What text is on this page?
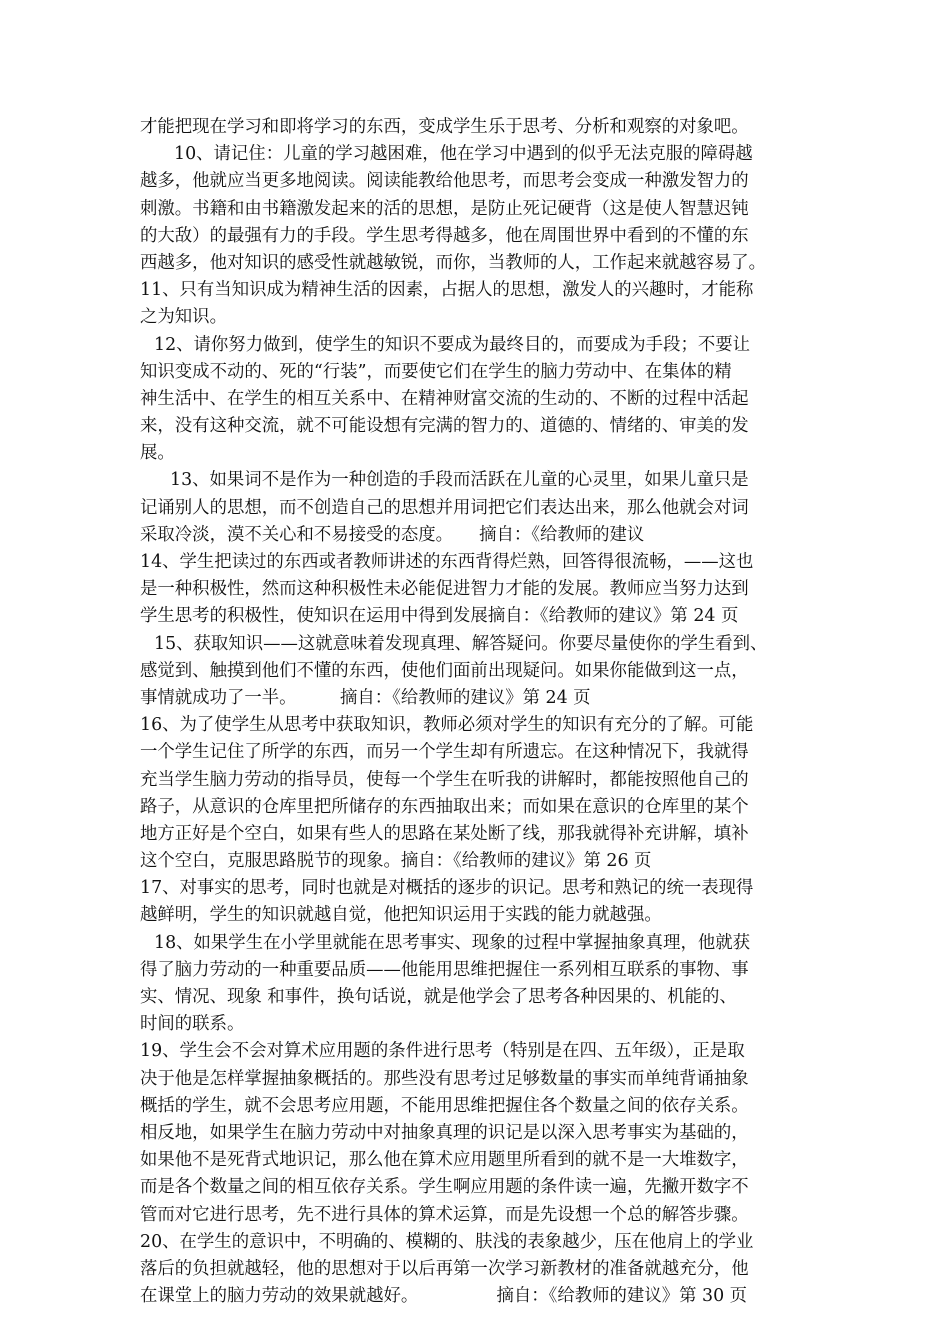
才能把现在学习和即将学习的东西，变成学生乐于思考、分析和观察的对象吧。
10、请记住：儿童的学习越困难，他在学习中遇到的似乎无法克服的障碍越
越多，他就应当更多地阅读。阅读能教给他思考，而思考会变成一种激发智力的
刺激。书籍和由书籍激发起来的活的思想，是防止死记硬背（这是使人智慧迟钝
的大敌）的最强有力的手段。学生思考得越多，他在周围世界中看到的不懂的东
西越多，他对知识的感受性就越敏锐，而你，当教师的人，工作起来就越容易了。
11、只有当知识成为精神生活的因素，占据人的思想，激发人的兴趣时，才能称
之为知识。
12、请你努力做到，使学生的知识不要成为最终目的，而要成为手段；不要让
知识变成不动的、死的“行装”，而要使它们在学生的脑力劳动中、在集体的精
神生活中、在学生的相互关系中、在精神财富交流的生动的、不断的过程中活起
来，没有这种交流，就不可能设想有完满的智力的、道德的、情绪的、审美的发
展。
13、如果词不是作为一种创造的手段而活跃在儿童的心灵里，如果儿童只是
记诵别人的思想，而不创造自己的思想并用词把它们表达出来，那么他就会对词
采取冷淡，漠不关心和不易接受的态度。　　摘自：《给教师的建议
14、学生把读过的东西或者教师讲述的东西背得烂熟，回答得很流畅，——这也
是一种积极性，然而这种积极性未必能促进智力才能的发展。教师应当努力达到
学生思考的积极性，使知识在运用中得到发展摘自：《给教师的建议》第 24 页
15、获取知识——这就意味着发现真理、解答疑问。你要尽量使你的学生看到、
感觉到、触摸到他们不懂的东西，使他们面前出现疑问。如果你能做到这一点，
事情就成功了一半。　　　摘自：《给教师的建议》第 24 页
16、为了使学生从思考中获取知识，教师必须对学生的知识有充分的了解。可能
一个学生记住了所学的东西，而另一个学生却有所遗忘。在这种情况下，我就得
充当学生脑力劳动的指导员，使每一个学生在听我的讲解时，都能按照他自己的
路子，从意识的仓库里把所储存的东西抽取出来；而如果在意识的仓库里的某个
地方正好是个空白，如果有些人的思路在某处断了线，那我就得补充讲解，填补
这个空白，克服思路脱节的现象。摘自：《给教师的建议》第 26 页
17、对事实的思考，同时也就是对概括的逐步的识记。思考和熟记的统一表现得
越鲜明，学生的知识就越自觉，他把知识运用于实践的能力就越强。
18、如果学生在小学里就能在思考事实、现象的过程中掌握抽象真理，他就获
得了脑力劳动的一种重要品质——他能用思维把握住一系列相互联系的事物、事
实、情况、现象 和事件，换句话说，就是他学会了思考各种因果的、机能的、
时间的联系。
19、学生会不会对算术应用题的条件进行思考（特别是在四、五年级），正是取
决于他是怎样掌握抽象概括的。那些没有思考过足够数量的事实而单纯背诵抽象
概括的学生，就不会思考应用题，不能用思维把握住各个数量之间的依存关系。
相反地，如果学生在脑力劳动中对抽象真理的识记是以深入思考事实为基础的，
如果他不是死背式地识记，那么他在算术应用题里所看到的就不是一大堆数字，
而是各个数量之间的相互依存关系。学生啊应用题的条件读一遍，先撇开数字不
管而对它进行思考，先不进行具体的算术运算，而是先设想一个总的解答步骤。
20、在学生的意识中，不明确的、模糊的、肤浅的表象越少，压在他肩上的学业
落后的负担就越轻，他的思想对于以后再第一次学习新教材的准备就越充分，他
在课堂上的脑力劳动的效果就越好。　　　　　摘自：《给教师的建议》第 30 页
